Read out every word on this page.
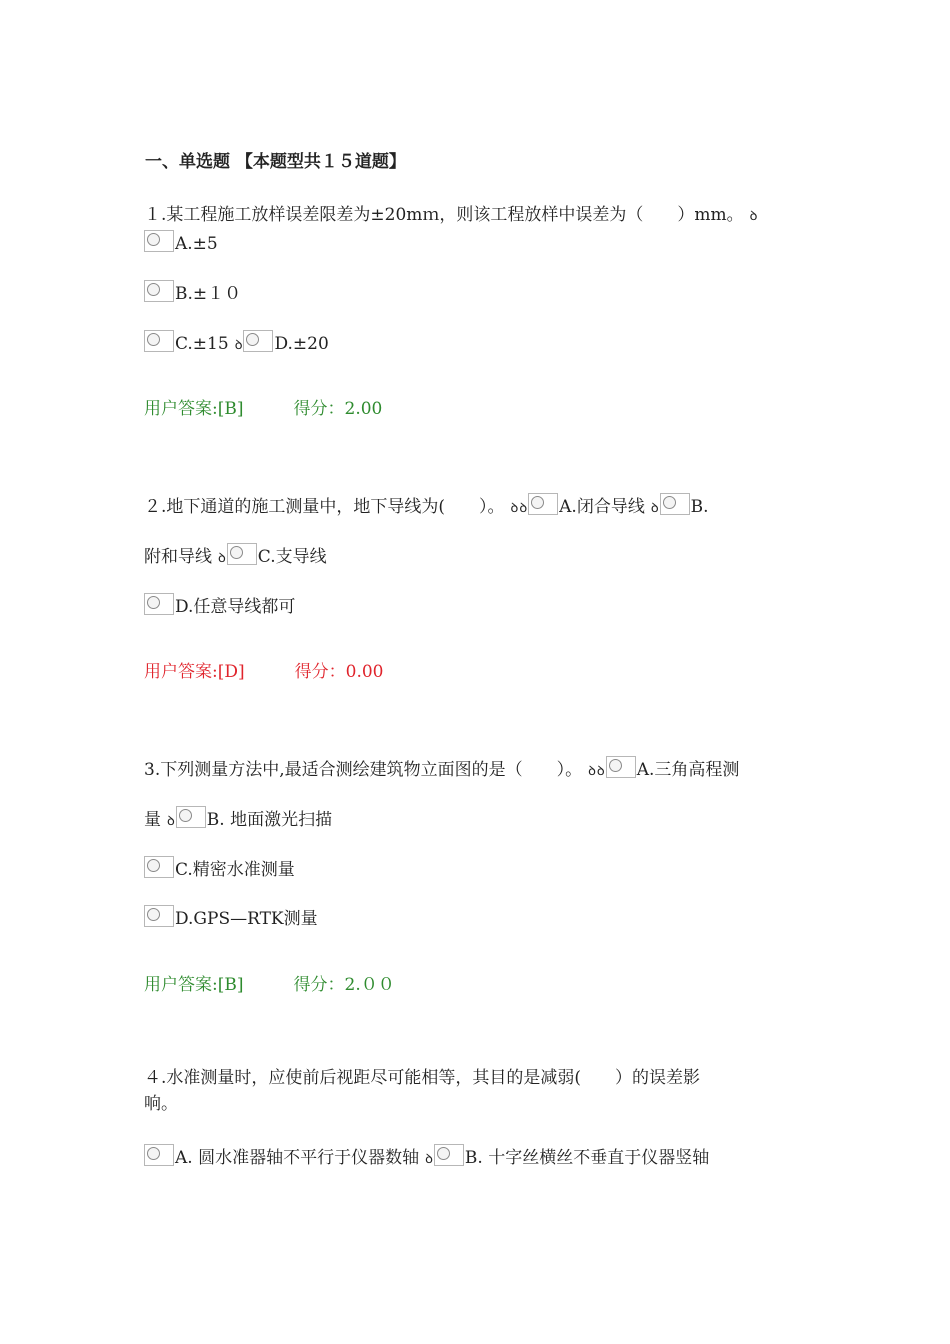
一、单选题 【本题型共１５道题】
１.某工程施工放样误差限差为±20mｍ，则该工程放样中误差为（　　）mm。 ꝺ
A.±5
B.±１０
C.±15 ꝺ D.±20
用户答案:[B]	得分：2.00
２.地下通道的施工测量中，地下导线为(　　）。 ꝺꝺ A.闭合导线 ꝺ B.
附和导线 ꝺ C.支导线
D.任意导线都可
用户答案:[D]	得分：0.00
3.下列测量方法中,最适合测绘建筑物立面图的是（　　）。 ꝺꝺ A.三角高程测
量 ꝺ B. 地面激光扫描
C.精密水准测量
D.GPS—RTK测量
用户答案:[B]	得分：2.００
４.水准测量时，应使前后视距尽可能相等，其目的是减弱(　　）的误差影
响。
A. 圆水准器轴不平行于仪器数轴 ꝺ B. 十字丝横丝不垂直于仪器竖轴
